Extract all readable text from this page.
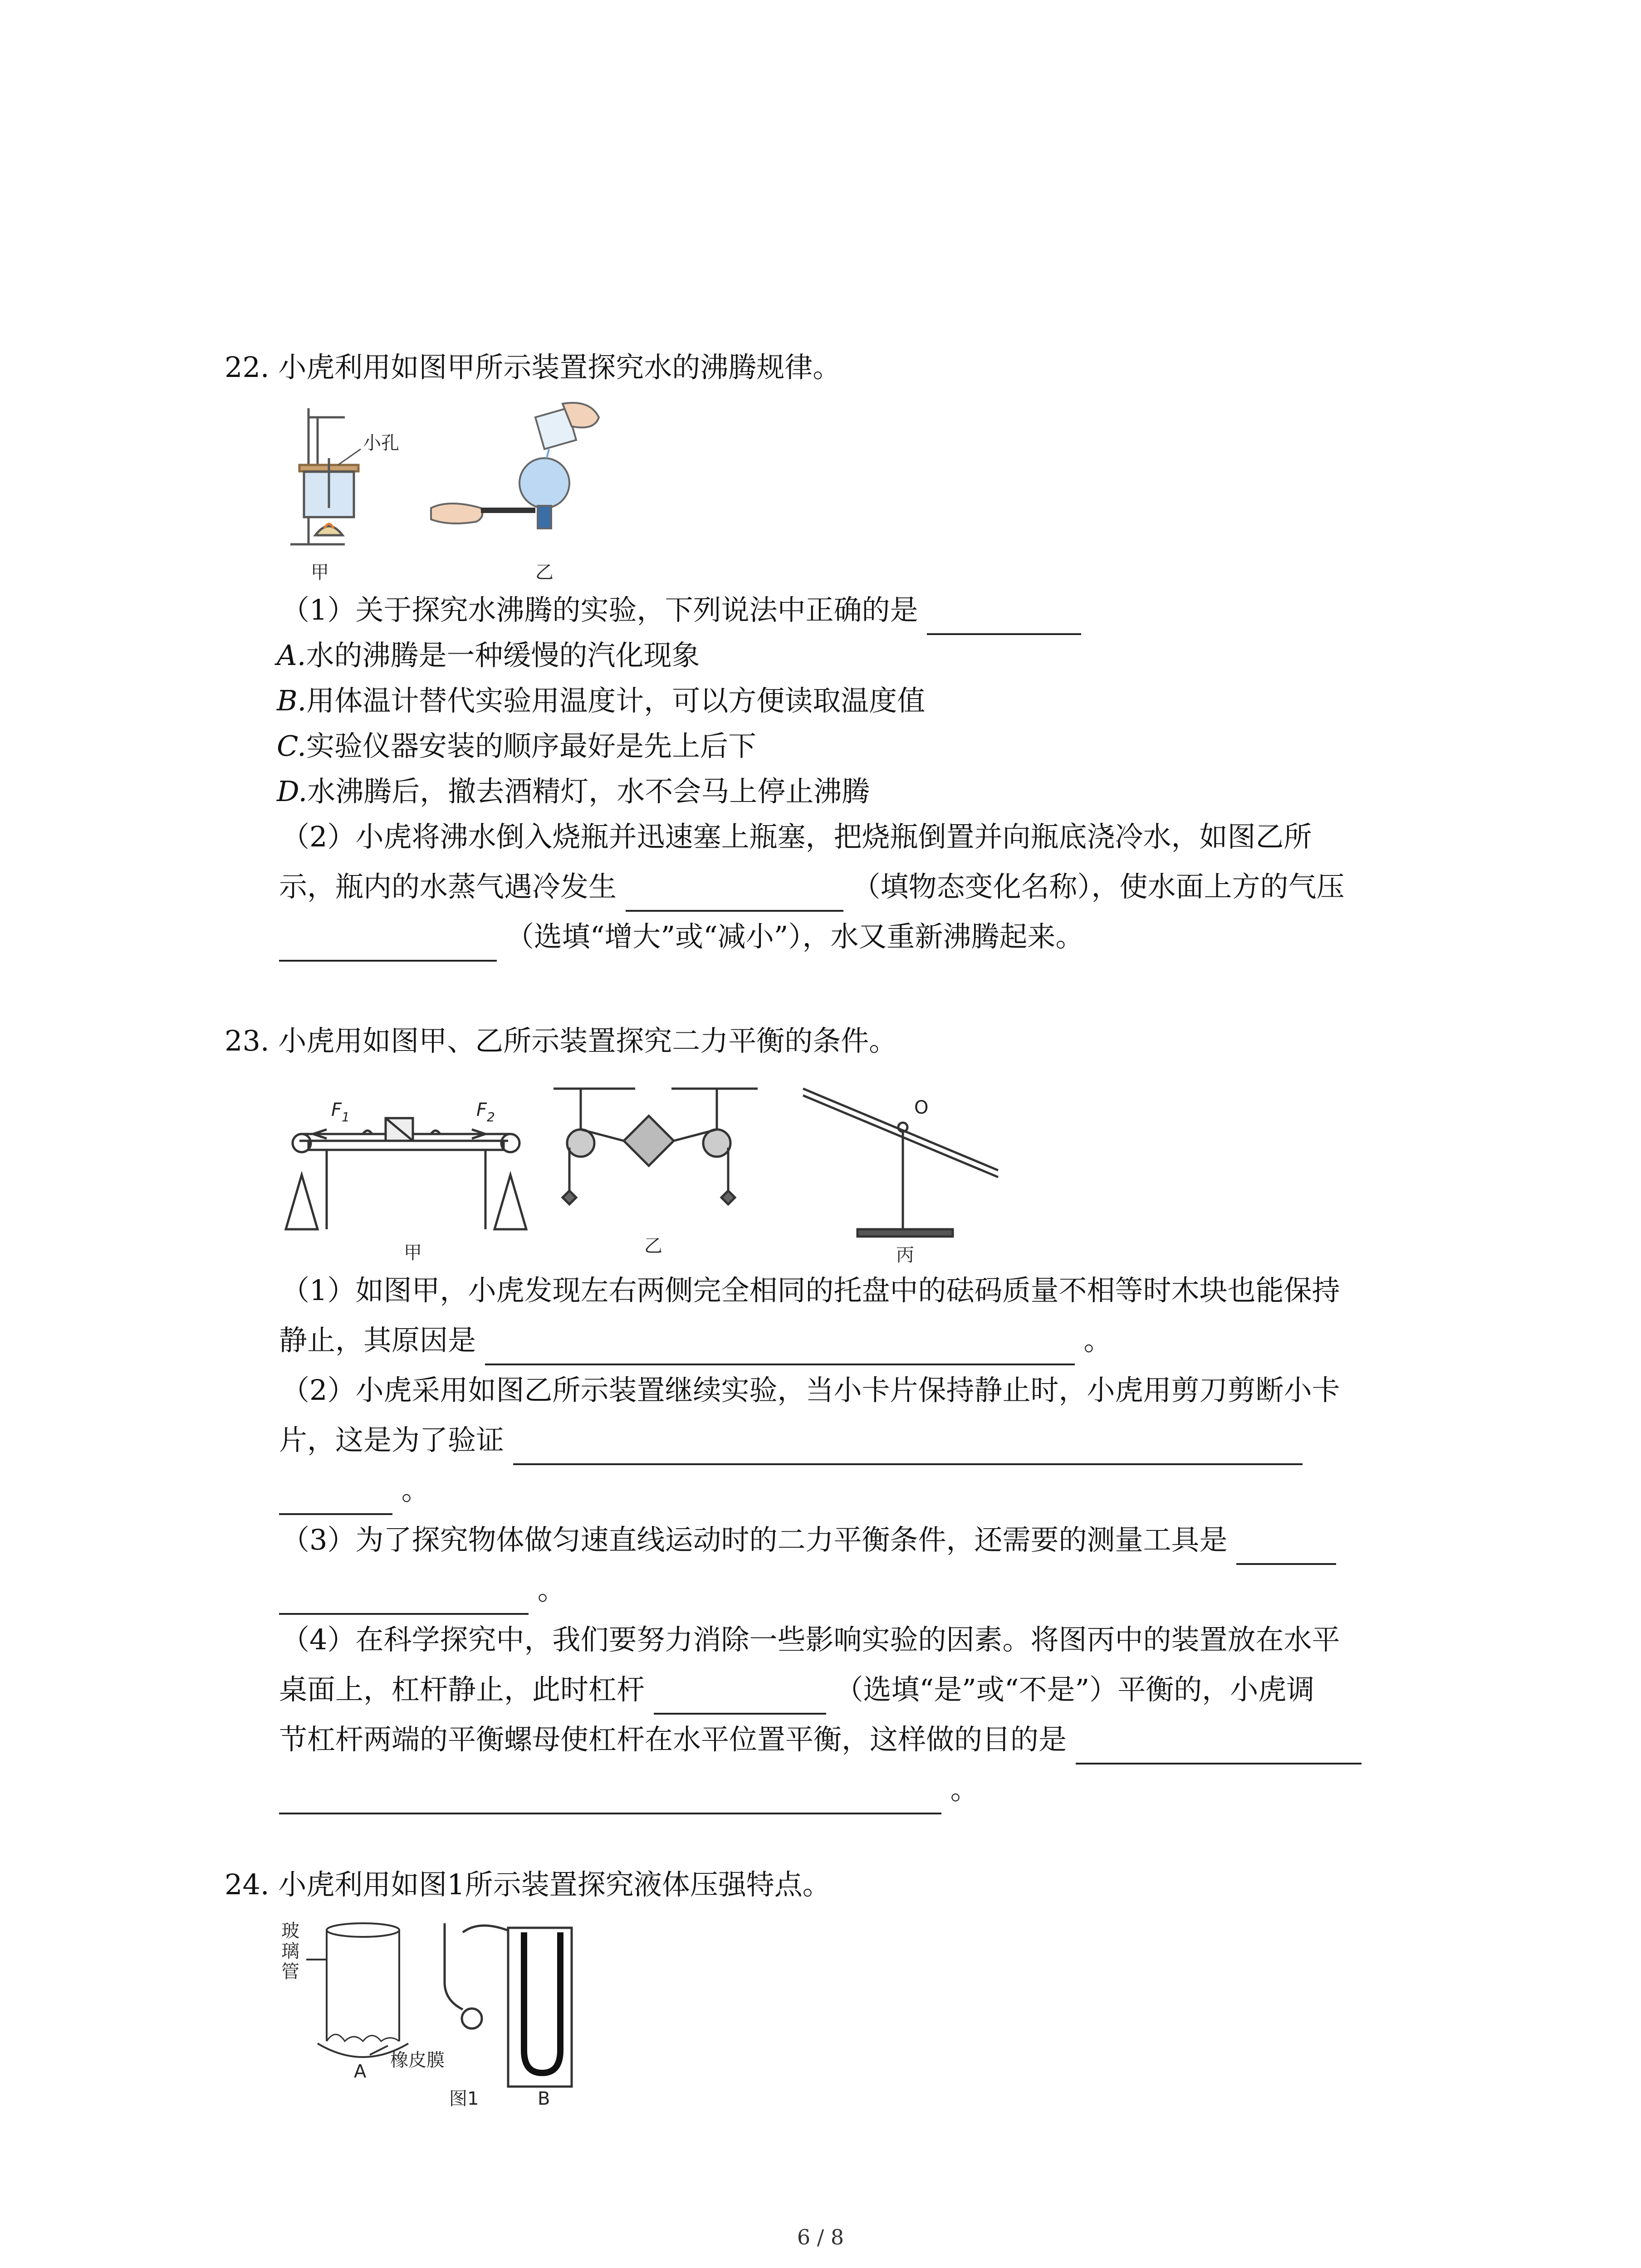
22. 小虎利用如图甲所示装置探究水的沸腾规律。
小孔
甲	乙
（1）关于探究水沸腾的实验，下列说法中正确的是
A.水的沸腾是一种缓慢的汽化现象
B.用体温计替代实验用温度计，可以方便读取温度值
C.实验仪器安装的顺序最好是先上后下
D.水沸腾后，撤去酒精灯，水不会马上停止沸腾
（2）小虎将沸水倒入烧瓶并迅速塞上瓶塞，把烧瓶倒置并向瓶底浇冷水，如图乙所
示，瓶内的水蒸气遇冷发生	（填物态变化名称），使水面上方的气压
（选填“增大”或“减小”），水又重新沸腾起来。
23. 小虎用如图甲、乙所示装置探究二力平衡的条件。
$F_1$	$F_2$
甲	乙
O
丙
（1）如图甲，小虎发现左右两侧完全相同的托盘中的砝码质量不相等时木块也能保持
静止，其原因是	。
（2）小虎采用如图乙所示装置继续实验，当小卡片保持静止时，小虎用剪刀剪断小卡
片，这是为了验证
。
（3）为了探究物体做匀速直线运动时的二力平衡条件，还需要的测量工具是
。
（4）在科学探究中，我们要努力消除一些影响实验的因素。将图丙中的装置放在水平
桌面上，杠杆静止，此时杠杆	（选填“是”或“不是”）平衡的，小虎调
节杠杆两端的平衡螺母使杠杆在水平位置平衡，这样做的目的是
。
24. 小虎利用如图1所示装置探究液体压强特点。
玻
璃
管
橡皮膜
A
B
图1
6 / 8
